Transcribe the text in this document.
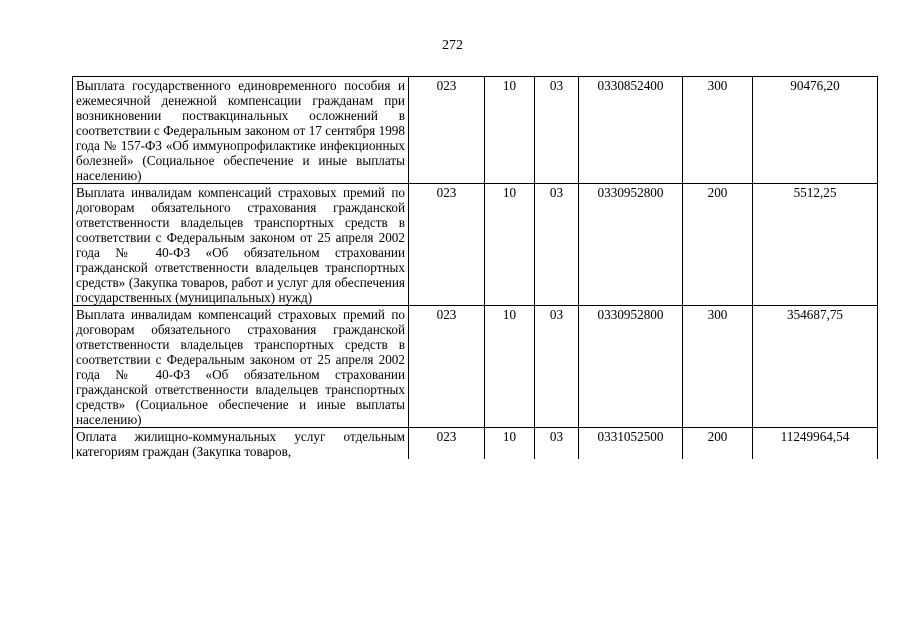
272
Выплата государственного единовременного пособия и ежемесячной денежной компенсации гражданам при возникновении поствакцинальных осложнений в соответствии с Федеральным законом от 17 сентября 1998 года № 157-ФЗ «Об иммунопрофилактике инфекционных болезней» (Социальное обеспечение и иные выплаты населению)	023	10	03	0330852400	300	90476,20
Выплата инвалидам компенсаций страховых премий по договорам обязательного страхования гражданской ответственности владельцев транспортных средств в соответствии с Федеральным законом от 25 апреля 2002 года № 40-ФЗ «Об обязательном страховании гражданской ответственности владельцев транспортных средств» (Закупка товаров, работ и услуг для обеспечения государственных (муниципальных) нужд)	023	10	03	0330952800	200	5512,25
Выплата инвалидам компенсаций страховых премий по договорам обязательного страхования гражданской ответственности владельцев транспортных средств в соответствии с Федеральным законом от 25 апреля 2002 года № 40-ФЗ «Об обязательном страховании гражданской ответственности владельцев транспортных средств» (Социальное обеспечение и иные выплаты населению)	023	10	03	0330952800	300	354687,75
Оплата жилищно-коммунальных услуг отдельным категориям граждан (Закупка товаров,	023	10	03	0331052500	200	11249964,54
